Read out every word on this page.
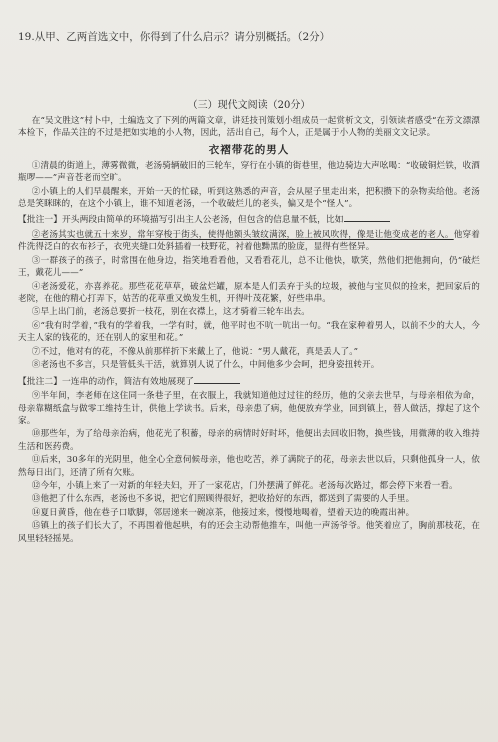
19.从甲、乙两首选文中，你得到了什么启示？请分别概括。（2分）
（三）现代文阅读（20分）

在“吴文胜这”村卜中，土编选文了下列的两篇文章，讲廷技刊策划小组成员一起赏析文文，引领读者感受“在芳文漂漂本检下，作品关注的不过是把如实地的小人物，因此，活出自己，每个人，正是属于小人物的美丽文文记录。

衣褶带花的男人

①清晨的街道上，薄雾微微，老汤骑辆破旧的三轮车，穿行在小镇的街巷里，他边骑边大声吆喝：“收破铜烂铁，收酒瓶啰——”声音苍老而空旷。

②小镇上的人们早晨醒来，开始一天的忙碌，听到这熟悉的声音，会从屋子里走出来，把积攒下的杂物卖给他。老汤总是笑眯眯的，在这个小镇上，谁不知道老汤，一个收破烂儿的老头，偏又是个“怪人”。

【批注一】开头两段由简单的环境描写引出主人公老汤，但包含的信息量不低，比如

②老汤其实也就五十来岁，常年穿梭于街头，使得他额头皱纹满深，脸上被风吹得，像是让他变成老的老人。他穿着件洗得泛白的衣布衫子，衣兜夹缝口处斜插着一枝野花，衬着他黝黑的脸庞，显得有些怪异。

③一群孩子的孩子，时常围在他身边，指笑地看看他，又看看花儿，总不让他快，歇笑，然他们把他拥向，仍“破烂王，戴花儿——”

④老汤爱花，亦喜养花。那些花花草草，破盆烂罐，原本是人们丢弃于头的垃圾，被他与宝贝似的捡来，把回家后的老院，在他的精心打弄下，姑苦的花草重又焕发生机，开得叶茂花繁，好些串串。

⑤早上出门前，老汤总要折一枝花，别在衣襟上，这才骑着三轮车出去。

⑥“我有时学着，”我有的学着我，一学有时，就，他平时也不吭一吭出一句。“我在家种着男人，以前不少的大人，今天主人家的钱花的，还在别人的家里和花。”

⑦不过，他对有的花，不像从前那样折下来戴上了，他说：“男人戴花，真是丢人了。”

⑧老汤也不多言，只是管低头干活，就算别人说了什么，中间他多少会呵，把身姿扭转开。

【批注二】一连串的动作，简洁有效地展现了

⑨半年间，李老师在这住同一条巷子里，在衣服上，我就知道他过过往的经历，他的父亲去世早，与母亲相依为命，母亲靠糊纸盒与做零工维持生计，供他上学读书。后来，母亲患了病，他便放弃学业，回到镇上，替人做活，撑起了这个家。

⑩那些年，为了给母亲治病，他花光了积蓄，母亲的病情时好时坏，他便出去回收旧物，换些钱，用微薄的收入维持生活和医药费。

⑪后来，30多年的光阴里，他全心全意伺候母亲，他也吃苦，养了满院子的花，母亲去世以后，只剩他孤身一人，依然每日出门，还清了所有欠账。

⑫今年，小镇上来了一对新的年轻夫妇，开了一家花店，门外摆满了鲜花。老汤每次路过，都会停下来看一看。

⑬他把了什么东西，老汤也不多说，把它们照顾得很好，把收拾好的东西，都送到了需要的人手里。

⑭夏日黄昏，他在巷子口歇脚，邻居递来一碗凉茶，他接过来，慢慢地喝着，望着天边的晚霞出神。

⑮镇上的孩子们长大了，不再围着他起哄，有的还会主动帮他推车，叫他一声汤爷爷。他笑着应了，胸前那枝花，在风里轻轻摇晃。
